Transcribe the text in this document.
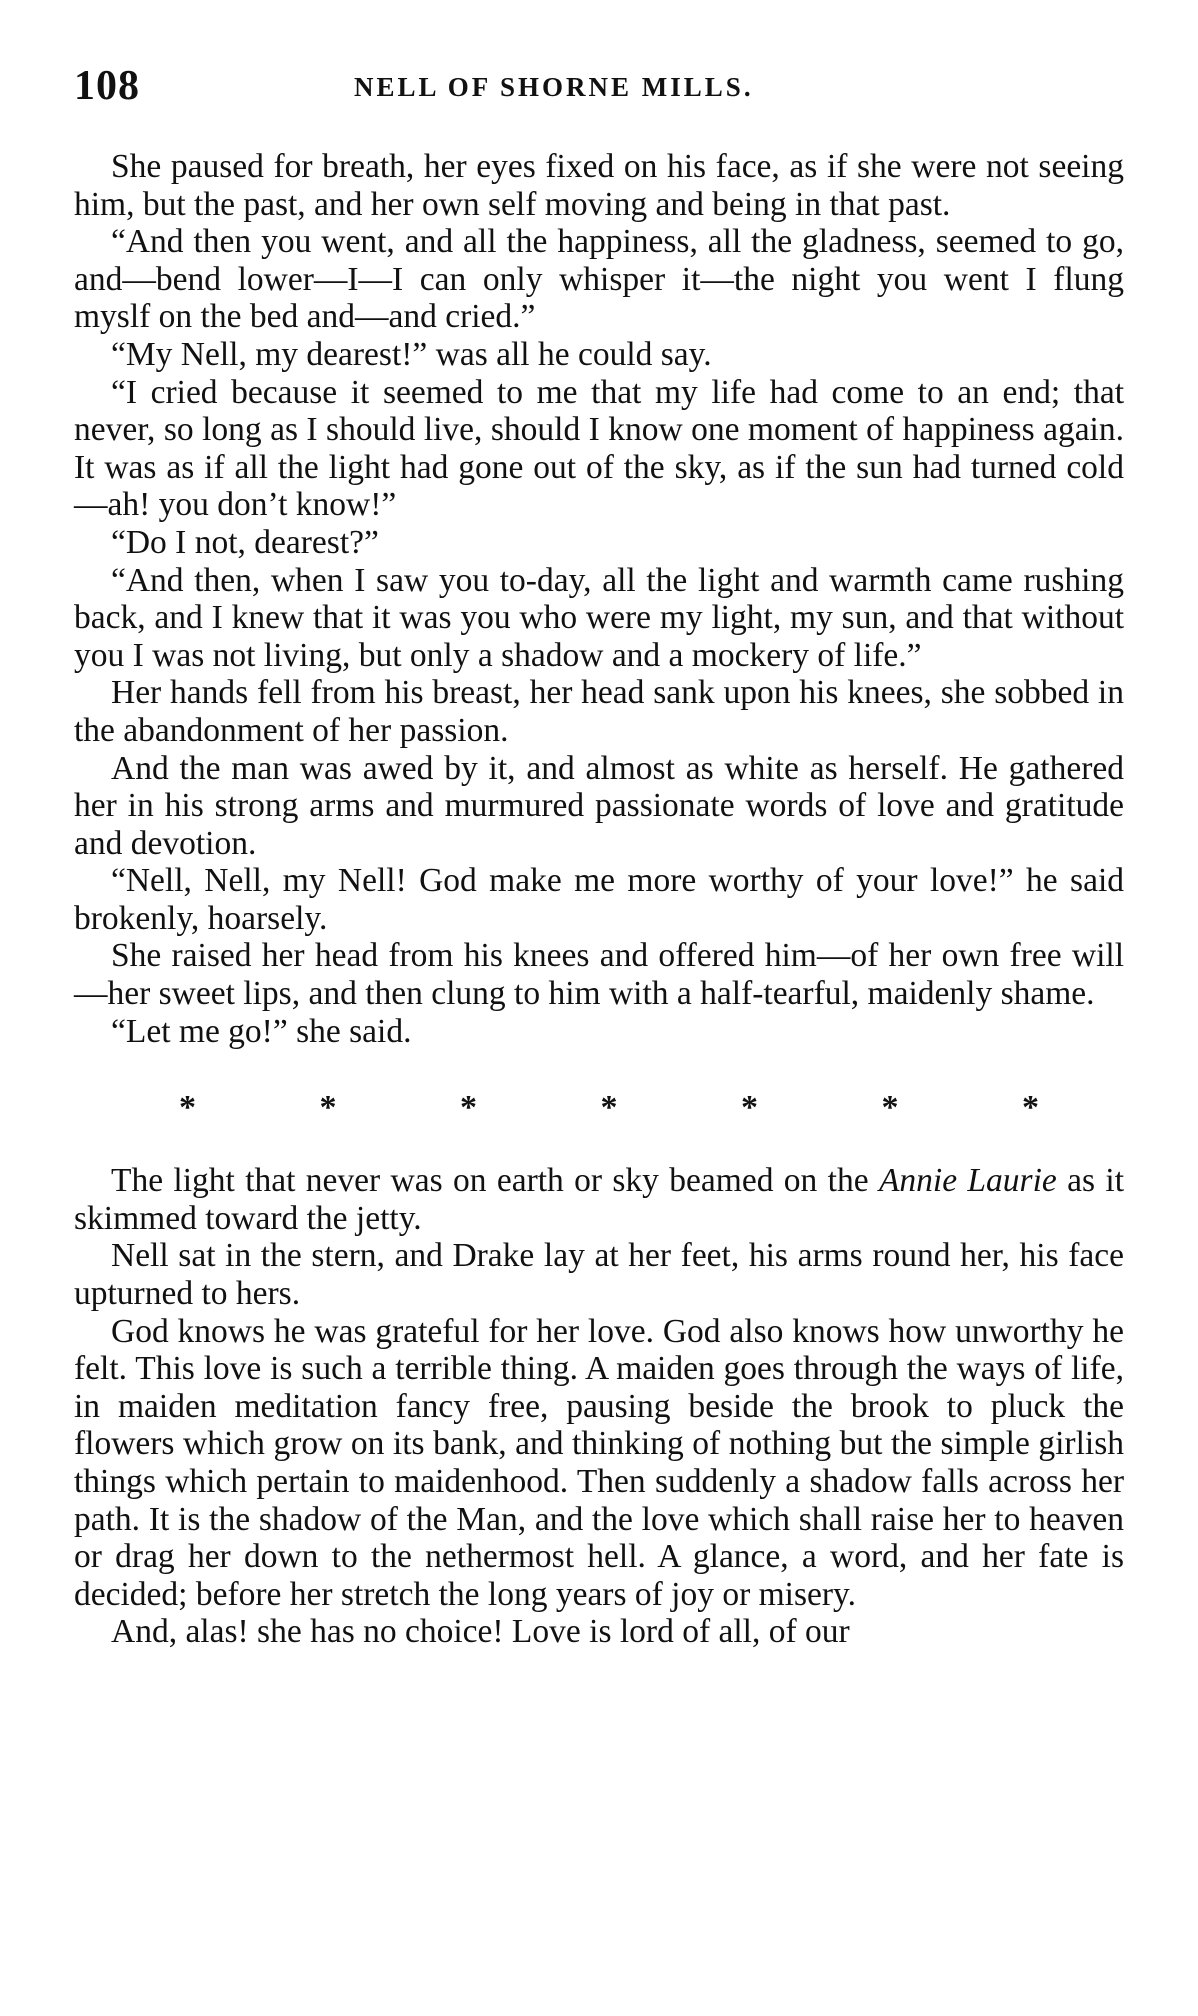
108	NELL OF SHORNE MILLS.

She paused for breath, her eyes fixed on his face, as if she were not seeing him, but the past, and her own self moving and being in that past.

“And then you went, and all the happiness, all the gladness, seemed to go, and—bend lower—I—I can only whisper it—the night you went I flung myslf on the bed and—and cried.”

“My Nell, my dearest!” was all he could say.

“I cried because it seemed to me that my life had come to an end; that never, so long as I should live, should I know one moment of happiness again. It was as if all the light had gone out of the sky, as if the sun had turned cold—ah! you don’t know!”

“Do I not, dearest?”

“And then, when I saw you to-day, all the light and warmth came rushing back, and I knew that it was you who were my light, my sun, and that without you I was not living, but only a shadow and a mockery of life.”

Her hands fell from his breast, her head sank upon his knees, she sobbed in the abandonment of her passion.

And the man was awed by it, and almost as white as herself. He gathered her in his strong arms and murmured passionate words of love and gratitude and devotion.

“Nell, Nell, my Nell! God make me more worthy of your love!” he said brokenly, hoarsely.

She raised her head from his knees and offered him—of her own free will—her sweet lips, and then clung to him with a half-tearful, maidenly shame.

“Let me go!” she said.

*	*	*	*	*	*	*

The light that never was on earth or sky beamed on the Annie Laurie as it skimmed toward the jetty.

Nell sat in the stern, and Drake lay at her feet, his arms round her, his face upturned to hers.

God knows he was grateful for her love. God also knows how unworthy he felt. This love is such a terrible thing. A maiden goes through the ways of life, in maiden meditation fancy free, pausing beside the brook to pluck the flowers which grow on its bank, and thinking of nothing but the simple girlish things which pertain to maidenhood. Then suddenly a shadow falls across her path. It is the shadow of the Man, and the love which shall raise her to heaven or drag her down to the nethermost hell. A glance, a word, and her fate is decided; before her stretch the long years of joy or misery.

And, alas! she has no choice! Love is lord of all, of our
